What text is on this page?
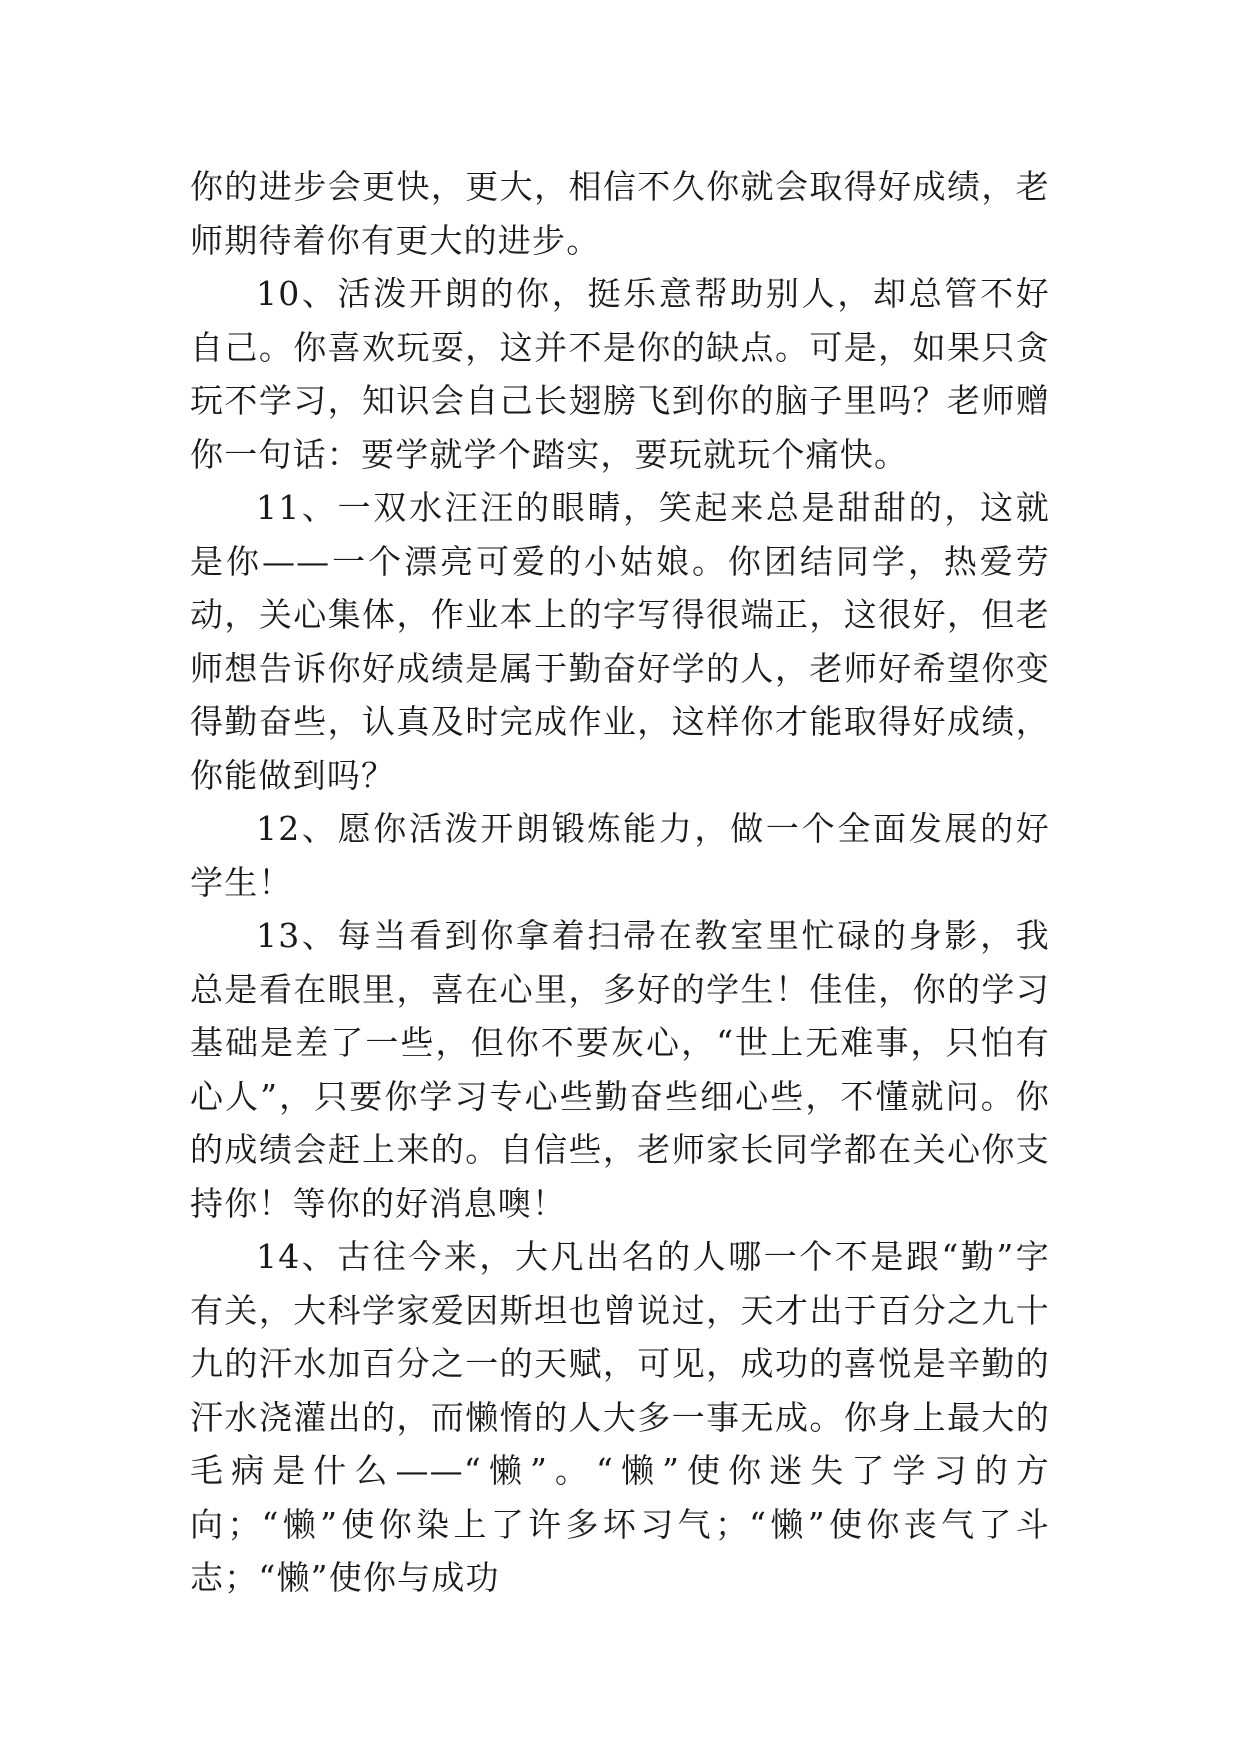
你的进步会更快，更大，相信不久你就会取得好成绩，老师期待着你有更大的进步。

10、活泼开朗的你，挺乐意帮助别人，却总管不好自己。你喜欢玩耍，这并不是你的缺点。可是，如果只贪玩不学习，知识会自己长翅膀飞到你的脑子里吗？老师赠你一句话：要学就学个踏实，要玩就玩个痛快。

11、一双水汪汪的眼睛，笑起来总是甜甜的，这就是你——一个漂亮可爱的小姑娘。你团结同学，热爱劳动，关心集体，作业本上的字写得很端正，这很好，但老师想告诉你好成绩是属于勤奋好学的人，老师好希望你变得勤奋些，认真及时完成作业，这样你才能取得好成绩，你能做到吗？

12、愿你活泼开朗锻炼能力，做一个全面发展的好学生！

13、每当看到你拿着扫帚在教室里忙碌的身影，我总是看在眼里，喜在心里，多好的学生！佳佳，你的学习基础是差了一些，但你不要灰心，“世上无难事，只怕有心人”，只要你学习专心些勤奋些细心些，不懂就问。你的成绩会赶上来的。自信些，老师家长同学都在关心你支持你！等你的好消息噢！

14、古往今来，大凡出名的人哪一个不是跟“勤”字有关，大科学家爱因斯坦也曾说过，天才出于百分之九十九的汗水加百分之一的天赋，可见，成功的喜悦是辛勤的汗水浇灌出的，而懒惰的人大多一事无成。你身上最大的毛病是什么——“懒”。“懒”使你迷失了学习的方向；“懒”使你染上了许多坏习气；“懒”使你丧气了斗志；“懒”使你与成功
